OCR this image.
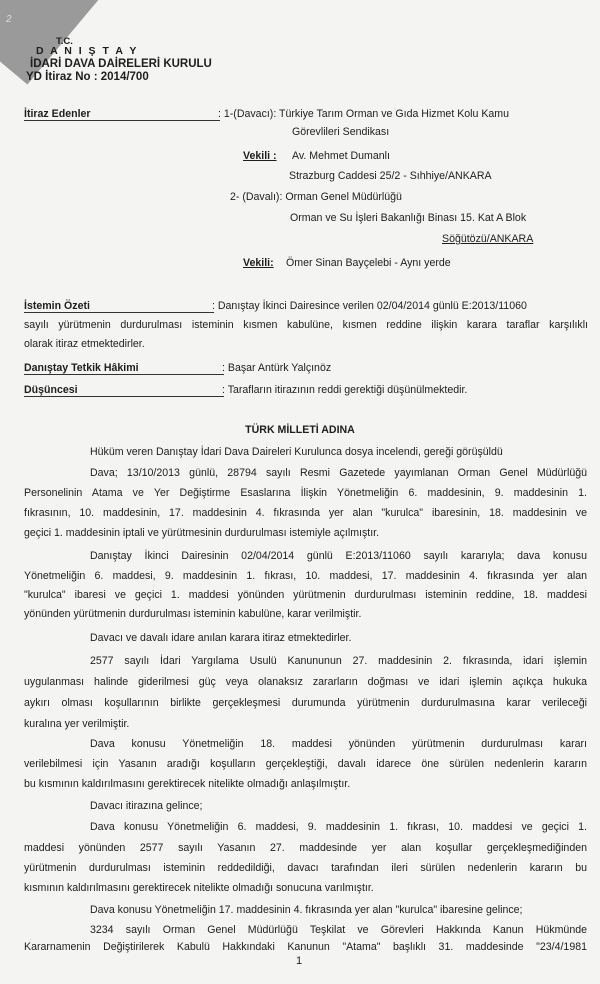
2
T.C.
D A N I Ş T A Y
İDARİ DAVA DAİRELERİ KURULU
YD İtiraz No : 2014/700
İtiraz Edenler	: 1-(Davacı): Türkiye Tarım Orman ve Gıda Hizmet Kolu Kamu
Görevlileri Sendikası
Vekili : Av. Mehmet Dumanlı
Strazburg Caddesi 25/2 - Sıhhiye/ANKARA
2- (Davalı): Orman Genel Müdürlüğü
Orman ve Su İşleri Bakanlığı Binası 15. Kat A Blok
Söğütözü/ANKARA
Vekili: Ömer Sinan Bayçelebi - Aynı yerde
İstemin Özeti	: Danıştay İkinci Dairesince verilen 02/04/2014 günlü E:2013/11060
sayılı yürütmenin durdurulması isteminin kısmen kabulüne, kısmen reddine ilişkin karara taraflar karşılıklı
olarak itiraz etmektedirler.
Danıştay Tetkik Hâkimi	: Başar Antürk Yalçınöz
Düşüncesi	: Tarafların itirazının reddi gerektiği düşünülmektedir.
TÜRK MİLLETİ ADINA
Hüküm veren Danıştay İdari Dava Daireleri Kurulunca dosya incelendi, gereği görüşüldü
Dava; 13/10/2013 günlü, 28794 sayılı Resmi Gazetede yayımlanan Orman Genel Müdürlüğü
Personelinin Atama ve Yer Değiştirme Esaslarına İlişkin Yönetmeliğin 6. maddesinin, 9. maddesinin 1.
fıkrasının, 10. maddesinin, 17. maddesinin 4. fıkrasında yer alan "kurulca" ibaresinin, 18. maddesinin ve
geçici 1. maddesinin iptali ve yürütmesinin durdurulması istemiyle açılmıştır.
Danıştay İkinci Dairesinin 02/04/2014 günlü E:2013/11060 sayılı kararıyla; dava konusu
Yönetmeliğin 6. maddesi, 9. maddesinin 1. fıkrası, 10. maddesi, 17. maddesinin 4. fıkrasında yer alan
"kurulca" ibaresi ve geçici 1. maddesi yönünden yürütmenin durdurulması isteminin reddine, 18. maddesi
yönünden yürütmenin durdurulması isteminin kabulüne, karar verilmiştir.
Davacı ve davalı idare anılan karara itiraz etmektedirler.
2577 sayılı İdari Yargılama Usulü Kanununun 27. maddesinin 2. fıkrasında, idari işlemin
uygulanması halinde giderilmesi güç veya olanaksız zararların doğması ve idari işlemin açıkça hukuka
aykırı olması koşullarının birlikte gerçekleşmesi durumunda yürütmenin durdurulmasına karar verileceği
kuralına yer verilmiştir.
Dava konusu Yönetmeliğin 18. maddesi yönünden yürütmenin durdurulması kararı
verilebilmesi için Yasanın aradığı koşulların gerçekleştiği, davalı idarece öne sürülen nedenlerin kararın
bu kısmının kaldırılmasını gerektirecek nitelikte olmadığı anlaşılmıştır.
Davacı itirazına gelince;
Dava konusu Yönetmeliğin 6. maddesi, 9. maddesinin 1. fıkrası, 10. maddesi ve geçici 1.
maddesi yönünden 2577 sayılı Yasanın 27. maddesinde yer alan koşullar gerçekleşmediğinden
yürütmenin durdurulması isteminin reddedildiği, davacı tarafından ileri sürülen nedenlerin kararın bu
kısmının kaldırılmasını gerektirecek nitelikte olmadığı sonucuna varılmıştır.
Dava konusu Yönetmeliğin 17. maddesinin 4. fıkrasında yer alan "kurulca" ibaresine gelince;
3234 sayılı Orman Genel Müdürlüğü Teşkilat ve Görevleri Hakkında Kanun Hükmünde
Kararnamenin Değiştirilerek Kabulü Hakkındaki Kanunun "Atama" başlıklı 31. maddesinde "23/4/1981
1
